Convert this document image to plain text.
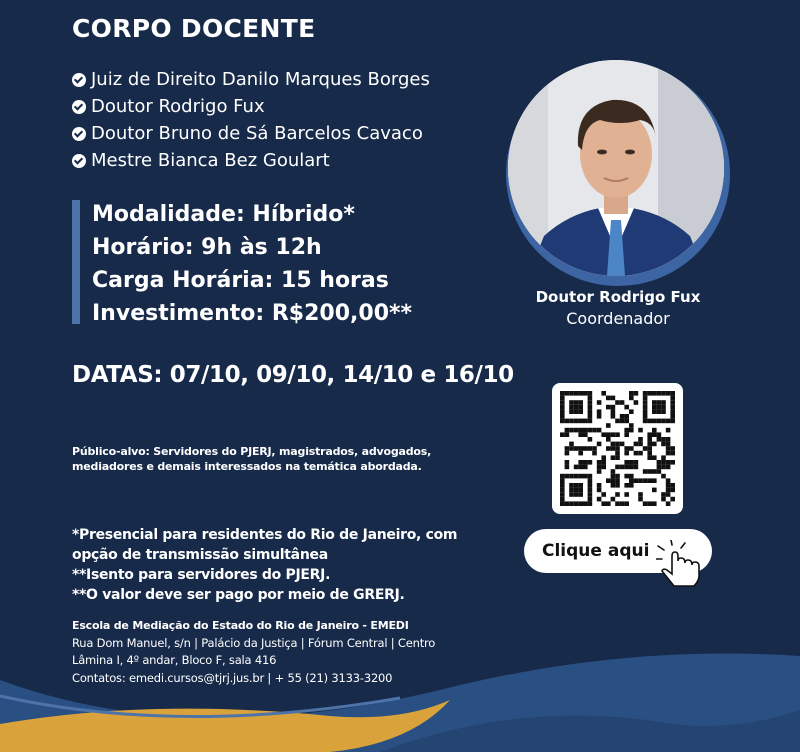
CORPO DOCENTE
Juiz de Direito Danilo Marques Borges
Doutor Rodrigo Fux
Doutor Bruno de Sá Barcelos Cavaco
Mestre Bianca Bez Goulart
Modalidade: Híbrido*
Horário: 9h às 12h
Carga Horária: 15 horas
Investimento: R$200,00**
DATAS: 07/10, 09/10, 14/10 e 16/10
Público-alvo: Servidores do PJERJ, magistrados, advogados,
mediadores e demais interessados na temática abordada.
*Presencial para residentes do Rio de Janeiro, com
opção de transmissão simultânea
**Isento para servidores do PJERJ.
**O valor deve ser pago por meio de GRERJ.
Escola de Mediação do Estado do Rio de Janeiro - EMEDI
Rua Dom Manuel, s/n | Palácio da Justiça | Fórum Central | Centro
Lâmina I, 4º andar, Bloco F, sala 416
Contatos: emedi.cursos@tjrj.jus.br | + 55 (21) 3133-3200
Doutor Rodrigo Fux
Coordenador
Clique aqui
